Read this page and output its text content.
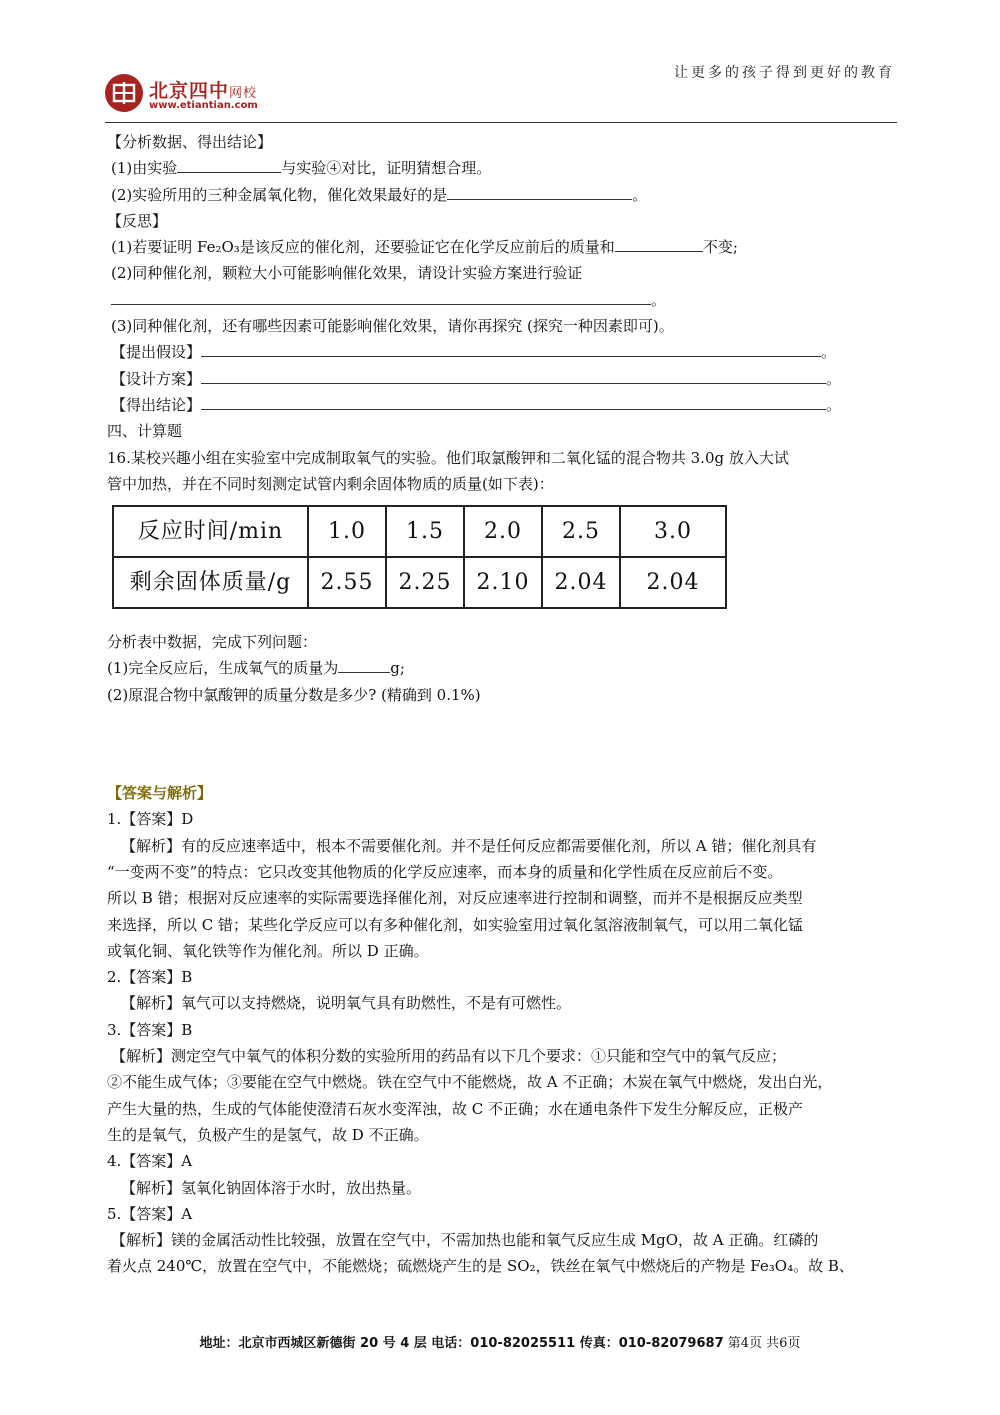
让更多的孩子得到更好的教育
北京四中网校
www.etiantian.com

【分析数据、得出结论】

(1)由实验	与实验④对比，证明猜想合理。

(2)实验所用的三种金属氧化物，催化效果最好的是	。

【反思】

(1)若要证明 Fe₂O₃是该反应的催化剂，还要验证它在化学反应前后的质量和	不变;

(2)同种催化剂，颗粒大小可能影响催化效果，请设计实验方案进行验证

。

(3)同种催化剂，还有哪些因素可能影响催化效果，请你再探究 (探究一种因素即可)。

【提出假设】	。

【设计方案】	。

【得出结论】	。

四、计算题

16.某校兴趣小组在实验室中完成制取氧气的实验。他们取氯酸钾和二氧化锰的混合物共 3.0g 放入大试

管中加热，并在不同时刻测定试管内剩余固体物质的质量(如下表)：

反应时间/min	1.0	1.5	2.0	2.5	3.0
剩余固体质量/g	2.55	2.25	2.10	2.04	2.04

分析表中数据，完成下列问题：

(1)完全反应后，生成氧气的质量为	g;

(2)原混合物中氯酸钾的质量分数是多少? (精确到 0.1%)

【答案与解析】

1.【答案】D

【解析】有的反应速率适中，根本不需要催化剂。并不是任何反应都需要催化剂，所以 A 错；催化剂具有

“一变两不变”的特点：它只改变其他物质的化学反应速率，而本身的质量和化学性质在反应前后不变。

所以 B 错；根据对反应速率的实际需要选择催化剂，对反应速率进行控制和调整，而并不是根据反应类型

来选择，所以 C 错；某些化学反应可以有多种催化剂，如实验室用过氧化氢溶液制氧气，可以用二氧化锰

或氧化铜、氧化铁等作为催化剂。所以 D 正确。

2.【答案】B

【解析】氧气可以支持燃烧，说明氧气具有助燃性，不是有可燃性。

3.【答案】B

【解析】测定空气中氧气的体积分数的实验所用的药品有以下几个要求：①只能和空气中的氧气反应；

②不能生成气体；③要能在空气中燃烧。铁在空气中不能燃烧，故 A 不正确；木炭在氧气中燃烧，发出白光，

产生大量的热，生成的气体能使澄清石灰水变浑浊，故 C 不正确；水在通电条件下发生分解反应，正极产

生的是氧气，负极产生的是氢气，故 D 不正确。

4.【答案】A

【解析】氢氧化钠固体溶于水时，放出热量。

5.【答案】A

【解析】镁的金属活动性比较强，放置在空气中，不需加热也能和氧气反应生成 MgO，故 A 正确。红磷的

着火点 240℃，放置在空气中，不能燃烧；硫燃烧产生的是 SO₂，铁丝在氧气中燃烧后的产物是 Fe₃O₄。故 B、

地址：北京市西城区新德街 20 号 4 层 电话：010-82025511 传真：010-82079687 第4页 共6页
